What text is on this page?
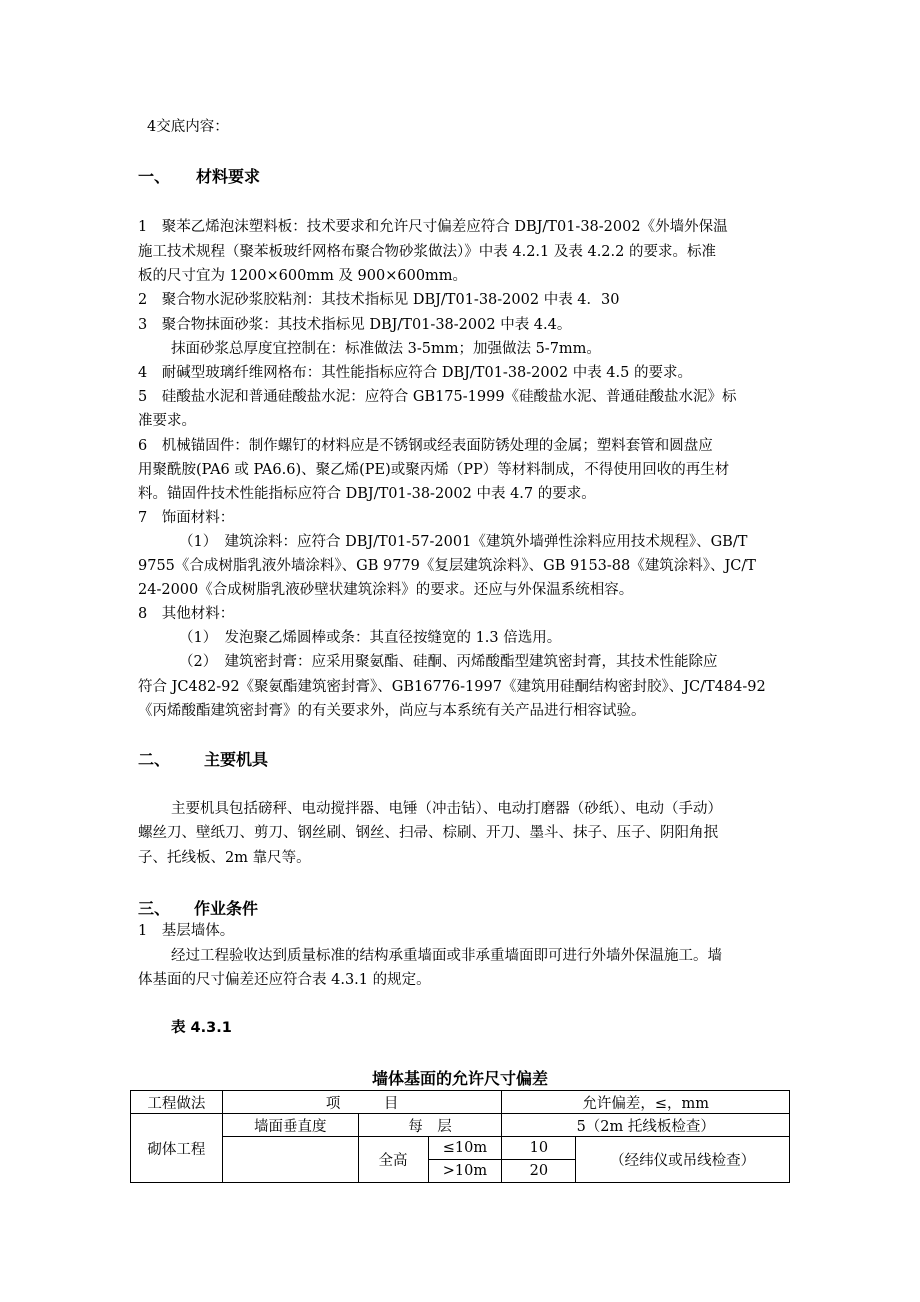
4交底内容：
一、 材料要求
1　聚苯乙烯泡沫塑料板：技术要求和允许尺寸偏差应符合 DBJ/T01-38-2002《外墙外保温
施工技术规程（聚苯板玻纤网格布聚合物砂浆做法）》中表 4.2.1 及表 4.2.2 的要求。标准
板的尺寸宜为 1200×600mm 及 900×600mm。
2　聚合物水泥砂浆胶粘剂：其技术指标见 DBJ/T01-38-2002 中表 4．30
3　聚合物抹面砂浆：其技术指标见 DBJ/T01-38-2002 中表 4.4。
抹面砂浆总厚度宜控制在：标准做法 3-5mm；加强做法 5-7mm。
4　耐碱型玻璃纤维网格布：其性能指标应符合 DBJ/T01-38-2002 中表 4.5 的要求。
5　硅酸盐水泥和普通硅酸盐水泥：应符合 GB175-1999《硅酸盐水泥、普通硅酸盐水泥》标
准要求。
6　机械锚固件：制作螺钉的材料应是不锈钢或经表面防锈处理的金属；塑料套管和圆盘应
用聚酰胺(PA6 或 PA6.6)、聚乙烯(PE)或聚丙烯（PP）等材料制成，不得使用回收的再生材
料。锚固件技术性能指标应符合 DBJ/T01-38-2002 中表 4.7 的要求。
7　饰面材料：
（1）　建筑涂料：应符合 DBJ/T01-57-2001《建筑外墙弹性涂料应用技术规程》、GB/T
9755《合成树脂乳液外墙涂料》、GB 9779《复层建筑涂料》、GB 9153-88《建筑涂料》、JC/T
24-2000《合成树脂乳液砂壁状建筑涂料》的要求。还应与外保温系统相容。
8　其他材料：
（1）　发泡聚乙烯圆棒或条：其直径按缝宽的 1.3 倍选用。
（2）　建筑密封膏：应采用聚氨酯、硅酮、丙烯酸酯型建筑密封膏，其技术性能除应
符合 JC482-92《聚氨酯建筑密封膏》、GB16776-1997《建筑用硅酮结构密封胶》、JC/T484-92
《丙烯酸酯建筑密封膏》的有关要求外，尚应与本系统有关产品进行相容试验。
二、 主要机具
主要机具包括磅秤、电动搅拌器、电锤（冲击钻）、电动打磨器（砂纸）、电动（手动）
螺丝刀、壁纸刀、剪刀、钢丝刷、钢丝、扫帚、棕刷、开刀、墨斗、抹子、压子、阴阳角抿
子、托线板、2m 靠尺等。
三、 作业条件
1　基层墙体。
经过工程验收达到质量标准的结构承重墙面或非承重墙面即可进行外墙外保温施工。墙
体基面的尺寸偏差还应符合表 4.3.1 的规定。
表 4.3.1
墙体基面的允许尺寸偏差
工程做法	项　　　目			允许偏差，≤，mm	
砌体工程	墙面垂直度	每　层		5（2m 托线板检查）	
		全高	≤10m	10	（经纬仪或吊线检查）
			>10m	20	
